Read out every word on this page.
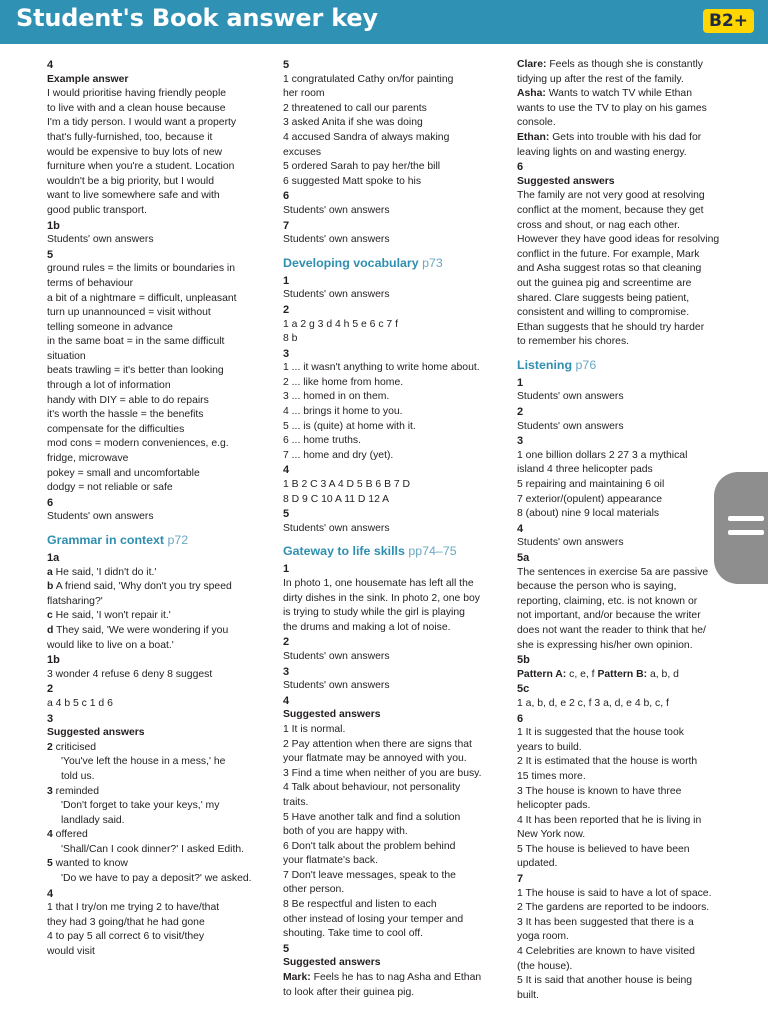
Student's Book answer key	B2+

4

Example answer

I would prioritise having friendly people

to live with and a clean house because

I'm a tidy person. I would want a property

that's fully-furnished, too, because it

would be expensive to buy lots of new

furniture when you're a student. Location

wouldn't be a big priority, but I would

want to live somewhere safe and with

good public transport.

1b

Students' own answers

5

ground rules = the limits or boundaries in

terms of behaviour

a bit of a nightmare = difficult, unpleasant

turn up unannounced = visit without

telling someone in advance

in the same boat = in the same difficult

situation

beats trawling = it's better than looking

through a lot of information

handy with DIY = able to do repairs

it's worth the hassle = the benefits

compensate for the difficulties

mod cons = modern conveniences, e.g.

fridge, microwave

pokey = small and uncomfortable

dodgy = not reliable or safe

6

Students' own answers

Grammar in context p72

1a

a He said, 'I didn't do it.'

b A friend said, 'Why don't you try speed

flatsharing?'

c He said, 'I won't repair it.'

d They said, 'We were wondering if you

would like to live on a boat.'

1b

3 wonder 4 refuse 6 deny 8 suggest

2

a 4 b 5 c 1 d 6

3

Suggested answers

2 criticised

'You've left the house in a mess,' he

told us.

3 reminded

'Don't forget to take your keys,' my

landlady said.

4 offered

'Shall/Can I cook dinner?' I asked Edith.

5 wanted to know

'Do we have to pay a deposit?' we asked.

4

1 that I try/on me trying 2 to have/that

they had 3 going/that he had gone

4 to pay 5 all correct 6 to visit/they

would visit

5

1 congratulated Cathy on/for painting

her room

2 threatened to call our parents

3 asked Anita if she was doing

4 accused Sandra of always making

excuses

5 ordered Sarah to pay her/the bill

6 suggested Matt spoke to his

6

Students' own answers

7

Students' own answers

Developing vocabulary p73

1

Students' own answers

2

1 a 2 g 3 d 4 h 5 e 6 c 7 f

8 b

3

1 ... it wasn't anything to write home about.

2 ... like home from home.

3 ... homed in on them.

4 ... brings it home to you.

5 ... is (quite) at home with it.

6 ... home truths.

7 ... home and dry (yet).

4

1 B 2 C 3 A 4 D 5 B 6 B 7 D

8 D 9 C 10 A 11 D 12 A

5

Students' own answers

Gateway to life skills pp74–75

1

In photo 1, one housemate has left all the

dirty dishes in the sink. In photo 2, one boy

is trying to study while the girl is playing

the drums and making a lot of noise.

2

Students' own answers

3

Students' own answers

4

Suggested answers

1 It is normal.

2 Pay attention when there are signs that

your flatmate may be annoyed with you.

3 Find a time when neither of you are busy.

4 Talk about behaviour, not personality

traits.

5 Have another talk and find a solution

both of you are happy with.

6 Don't talk about the problem behind

your flatmate's back.

7 Don't leave messages, speak to the

other person.

8 Be respectful and listen to each

other instead of losing your temper and

shouting. Take time to cool off.

5

Suggested answers

Mark: Feels he has to nag Asha and Ethan

to look after their guinea pig.

Clare: Feels as though she is constantly

tidying up after the rest of the family.

Asha: Wants to watch TV while Ethan

wants to use the TV to play on his games

console.

Ethan: Gets into trouble with his dad for

leaving lights on and wasting energy.

6

Suggested answers

The family are not very good at resolving

conflict at the moment, because they get

cross and shout, or nag each other.

However they have good ideas for resolving

conflict in the future. For example, Mark

and Asha suggest rotas so that cleaning

out the guinea pig and screentime are

shared. Clare suggests being patient,

consistent and willing to compromise.

Ethan suggests that he should try harder

to remember his chores.

Listening p76

1

Students' own answers

2

Students' own answers

3

1 one billion dollars 2 27 3 a mythical

island 4 three helicopter pads

5 repairing and maintaining 6 oil

7 exterior/(opulent) appearance

8 (about) nine 9 local materials

4

Students' own answers

5a

The sentences in exercise 5a are passive

because the person who is saying,

reporting, claiming, etc. is not known or

not important, and/or because the writer

does not want the reader to think that he/

she is expressing his/her own opinion.

5b

Pattern A: c, e, f Pattern B: a, b, d

5c

1 a, b, d, e 2 c, f 3 a, d, e 4 b, c, f

6

1 It is suggested that the house took

years to build.

2 It is estimated that the house is worth

15 times more.

3 The house is known to have three

helicopter pads.

4 It has been reported that he is living in

New York now.

5 The house is believed to have been

updated.

7

1 The house is said to have a lot of space.

2 The gardens are reported to be indoors.

3 It has been suggested that there is a

yoga room.

4 Celebrities are known to have visited

(the house).

5 It is said that another house is being

built.
